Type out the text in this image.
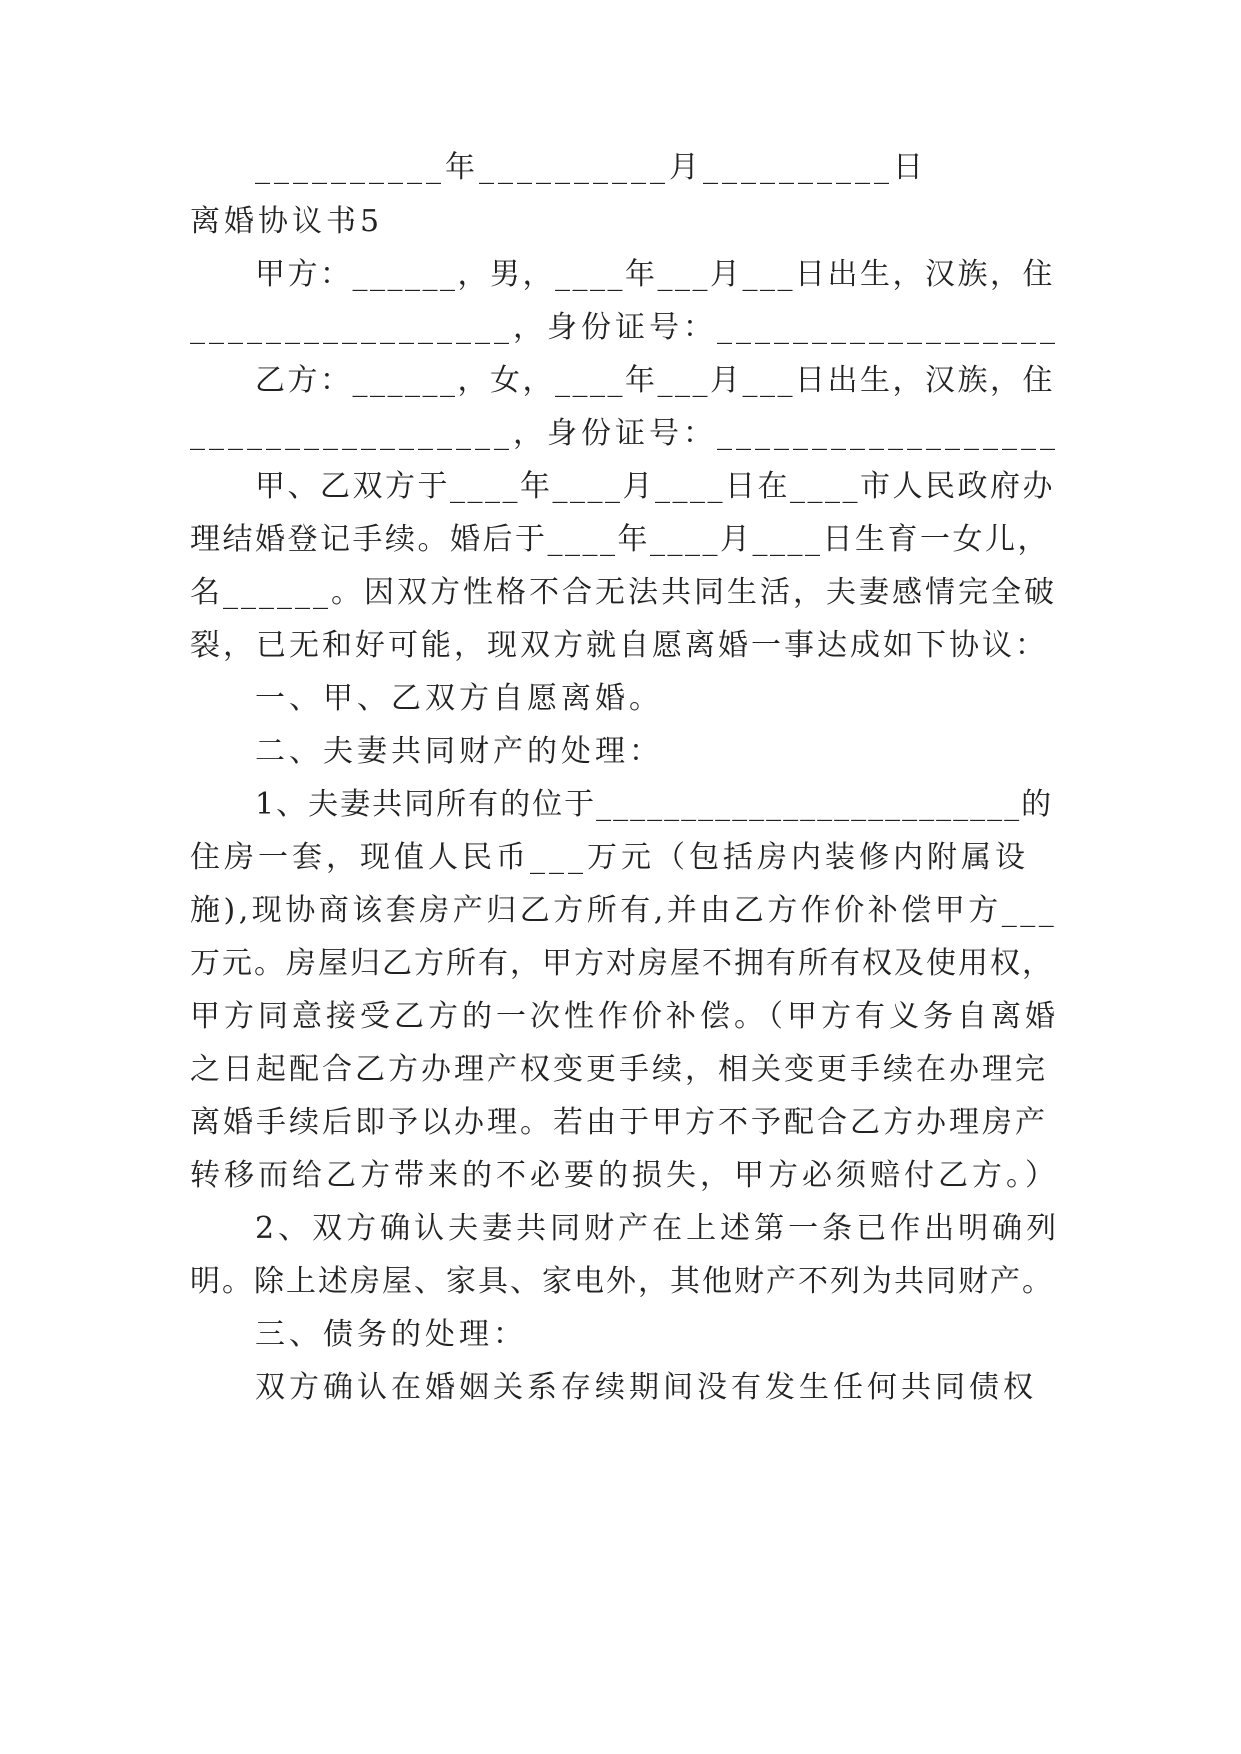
__________年__________月__________日
离婚协议书5
甲方：______，男，____年___月___日出生，汉族，住
_________________，身份证号：__________________
乙方：______，女，____年___月___日出生，汉族，住
_________________，身份证号：__________________
甲、乙双方于____年____月____日在____市人民政府办
理结婚登记手续。婚后于____年____月____日生育一女儿，
名______。因双方性格不合无法共同生活，夫妻感情完全破
裂，已无和好可能，现双方就自愿离婚一事达成如下协议：
一、甲、乙双方自愿离婚。
二、夫妻共同财产的处理：
1、夫妻共同所有的位于_________________________的
住房一套，现值人民币___万元（包括房内装修内附属设
施),现协商该套房产归乙方所有,并由乙方作价补偿甲方___
万元。房屋归乙方所有，甲方对房屋不拥有所有权及使用权，
甲方同意接受乙方的一次性作价补偿。（甲方有义务自离婚
之日起配合乙方办理产权变更手续，相关变更手续在办理完
离婚手续后即予以办理。若由于甲方不予配合乙方办理房产
转移而给乙方带来的不必要的损失，甲方必须赔付乙方。）
2、双方确认夫妻共同财产在上述第一条已作出明确列
明。除上述房屋、家具、家电外，其他财产不列为共同财产。
三、债务的处理：
双方确认在婚姻关系存续期间没有发生任何共同债权
